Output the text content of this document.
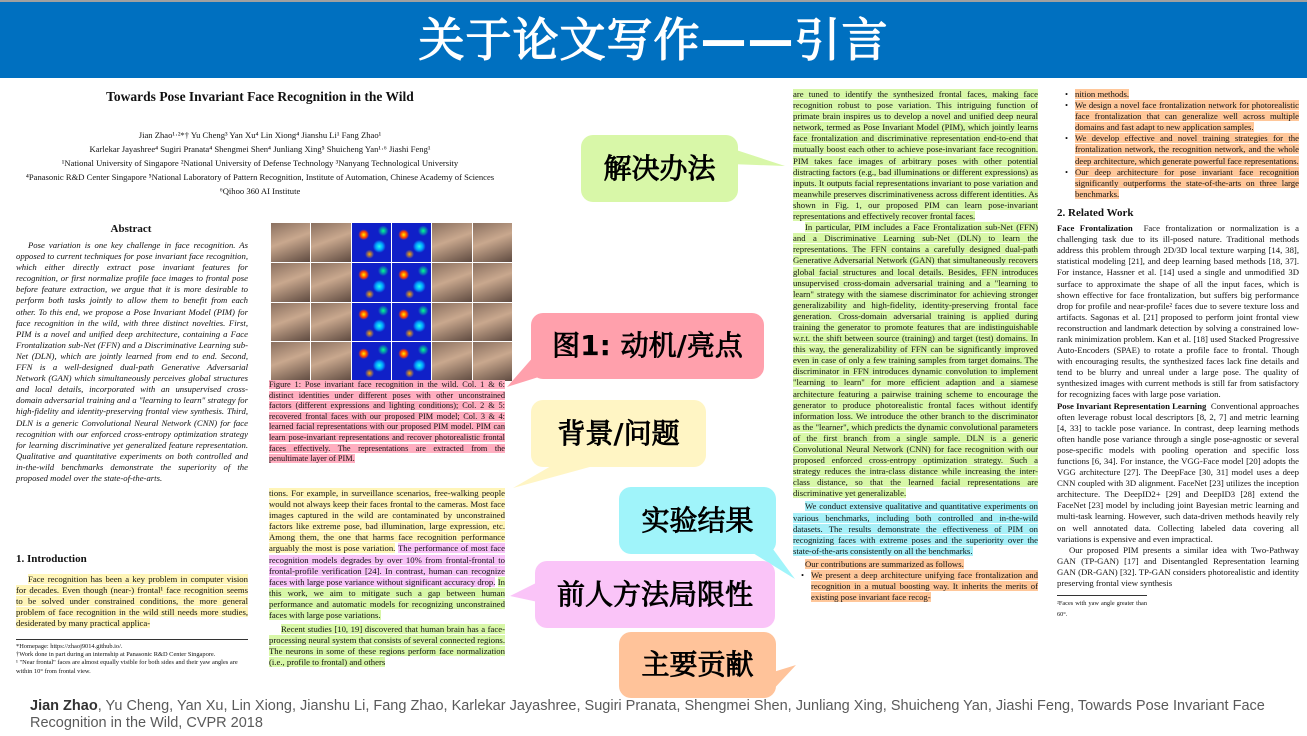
关于论文写作——引言
Towards Pose Invariant Face Recognition in the Wild
Jian Zhao¹·²*† Yu Cheng³ Yan Xu⁴ Lin Xiong⁴ Jianshu Li¹ Fang Zhao¹
Karlekar Jayashree⁴ Sugiri Pranata⁴ Shengmei Shen⁴ Junliang Xing⁵ Shuicheng Yan¹·⁶ Jiashi Feng¹
¹National University of Singapore ²National University of Defense Technology ³Nanyang Technological University
⁴Panasonic R&D Center Singapore ⁵National Laboratory of Pattern Recognition, Institute of Automation, Chinese Academy of Sciences
⁶Qihoo 360 AI Institute
Abstract

Pose variation is one key challenge in face recognition. As opposed to current techniques for pose invariant face recognition, which either directly extract pose invariant features for recognition, or first normalize profile face images to frontal pose before feature extraction, we argue that it is more desirable to perform both tasks jointly to allow them to benefit from each other. To this end, we propose a Pose Invariant Model (PIM) for face recognition in the wild, with three distinct novelties. First, PIM is a novel and unified deep architecture, containing a Face Frontalization sub-Net (FFN) and a Discriminative Learning sub-Net (DLN), which are jointly learned from end to end. Second, FFN is a well-designed dual-path Generative Adversarial Network (GAN) which simultaneously perceives global structures and local details, incorporated with an unsupervised cross-domain adversarial training and a "learning to learn" strategy for high-fidelity and identity-preserving frontal view synthesis. Third, DLN is a generic Convolutional Neural Network (CNN) for face recognition with our enforced cross-entropy optimization strategy for learning discriminative yet generalized feature representation. Qualitative and quantitative experiments on both controlled and in-the-wild benchmarks demonstrate the superiority of the proposed model over the state-of-the-arts.

1. Introduction

Face recognition has been a key problem in computer vision for decades. Even though (near-) frontal¹ face recognition seems to be solved under constrained conditions, the more general problem of face recognition in the wild still needs more studies, desiderated by many practical applica-

*Homepage: https://zhaoj9014.github.io/.
†Work done in part during an internship at Panasonic R&D Center Singapore.
¹ "Near frontal" faces are almost equally visible for both sides and their yaw angles are within 10° from frontal view.

Figure 1: Pose invariant face recognition in the wild. Col. 1 & 6: distinct identities under different poses with other unconstrained factors (different expressions and lighting conditions); Col. 2 & 5: recovered frontal faces with our proposed PIM model; Col. 3 & 4: learned facial representations with our proposed PIM model. PIM can learn pose-invariant representations and recover photorealistic frontal faces effectively. The representations are extracted from the penultimate layer of PIM.

tions. For example, in surveillance scenarios, free-walking people would not always keep their faces frontal to the cameras. Most face images captured in the wild are contaminated by unconstrained factors like extreme pose, bad illumination, large expression, etc. Among them, the one that harms face recognition performance arguably the most is pose variation. The performance of most face recognition models degrades by over 10% from frontal-frontal to frontal-profile verification [24]. In contrast, human can recognize faces with large pose variance without significant accuracy drop. In this work, we aim to mitigate such a gap between human performance and automatic models for recognizing unconstrained faces with large pose variations.

Recent studies [10, 19] discovered that human brain has a face-processing neural system that consists of several connected regions. The neurons in some of these regions perform face normalization (i.e., profile to frontal) and others

are tuned to identify the synthesized frontal faces, making face recognition robust to pose variation. This intriguing function of primate brain inspires us to develop a novel and unified deep neural network, termed as Pose Invariant Model (PIM), which jointly learns face frontalization and discriminative representation end-to-end that mutually boost each other to achieve pose-invariant face recognition. PIM takes face images of arbitrary poses with other potential distracting factors (e.g., bad illuminations or different expressions) as inputs. It outputs facial representations invariant to pose variation and meanwhile preserves discriminativeness across different identities. As shown in Fig. 1, our proposed PIM can learn pose-invariant representations and effectively recover frontal faces.

In particular, PIM includes a Face Frontalization sub-Net (FFN) and a Discriminative Learning sub-Net (DLN) to learn the representations. The FFN contains a carefully designed dual-path Generative Adversarial Network (GAN) that simultaneously recovers global facial structures and local details. Besides, FFN introduces unsupervised cross-domain adversarial training and a "learning to learn" strategy with the siamese discriminator for achieving stronger generalizability and high-fidelity, identity-preserving frontal face generation. Cross-domain adversarial training is applied during training the generator to promote features that are indistinguishable w.r.t. the shift between source (training) and target (test) domains. In this way, the generalizability of FFN can be significantly improved even in case of only a few training samples from target domains. The discriminator in FFN introduces dynamic convolution to implement "learning to learn" for more efficient adaption and a siamese architecture featuring a pairwise training scheme to encourage the generator to produce photorealistic frontal faces without identify information loss. We introduce the other branch to the discriminator as the "learner", which predicts the dynamic convolutional parameters of the first branch from a single sample. DLN is a generic Convolutional Neural Network (CNN) for face recognition with our proposed enforced cross-entropy optimization strategy. Such a strategy reduces the intra-class distance while increasing the inter-class distance, so that the learned facial representations are discriminative yet generalizable.

We conduct extensive qualitative and quantitative experiments on various benchmarks, including both controlled and in-the-wild datasets. The results demonstrate the effectiveness of PIM on recognizing faces with extreme poses and the superiority over the state-of-the-arts consistently on all the benchmarks.

Our contributions are summarized as follows.

• We present a deep architecture unifying face frontalization and recognition in a mutual boosting way. It inherits the merits of existing pose invariant face recog-
• nition methods.
• We design a novel face frontalization network for photorealistic face frontalization that can generalize well across multiple domains and fast adapt to new application samples.
• We develop effective and novel training strategies for the frontalization network, the recognition network, and the whole deep architecture, which generate powerful face representations.
• Our deep architecture for pose invariant face recognition significantly outperforms the state-of-the-arts on three large benchmarks.
2. Related Work

Face Frontalization Face frontalization or normalization is a challenging task due to its ill-posed nature. Traditional methods address this problem through 2D/3D local texture warping [14, 38], statistical modeling [21], and deep learning based methods [18, 37]. For instance, Hassner et al. [14] used a single and unmodified 3D surface to approximate the shape of all the input faces, which is shown effective for face frontalization, but suffers big performance drop for profile and near-profile² faces due to severe texture loss and artifacts. Sagonas et al. [21] proposed to perform joint frontal view reconstruction and landmark detection by solving a constrained low-rank minimization problem. Kan et al. [18] used Stacked Progressive Auto-Encoders (SPAE) to rotate a profile face to frontal. Though with encouraging results, the synthesized faces lack fine details and tend to be blurry and unreal under a large pose. The quality of synthesized images with current methods is still far from satisfactory for recognizing faces with large pose variation.

Pose Invariant Representation Learning Conventional approaches often leverage robust local descriptors [8, 2, 7] and metric learning [4, 33] to tackle pose variance. In contrast, deep learning methods often handle pose variance through a single pose-agnostic or several pose-specific models with pooling operation and specific loss functions [6, 34]. For instance, the VGG-Face model [20] adopts the VGG architecture [27]. The DeepFace [30, 31] model uses a deep CNN coupled with 3D alignment. FaceNet [23] utilizes the inception architecture. The DeepID2+ [29] and DeepID3 [28] extend the FaceNet [23] model by including joint Bayesian metric learning and multi-task learning. However, such data-driven methods heavily rely on well annotated data. Collecting labeled data covering all variations is expensive and even impractical.

Our proposed PIM presents a similar idea with Two-Pathway GAN (TP-GAN) [17] and Disentangled Representation learning GAN (DR-GAN) [32]. TP-GAN considers photorealistic and identity preserving frontal view synthesis

²Faces with yaw angle greater than 60°.
解决办法
图1: 动机/亮点
背景/问题
实验结果
前人方法局限性
主要贡献
Jian Zhao, Yu Cheng, Yan Xu, Lin Xiong, Jianshu Li, Fang Zhao, Karlekar Jayashree, Sugiri Pranata, Shengmei Shen, Junliang Xing, Shuicheng Yan, Jiashi Feng, Towards Pose Invariant Face Recognition in the Wild, CVPR 2018
